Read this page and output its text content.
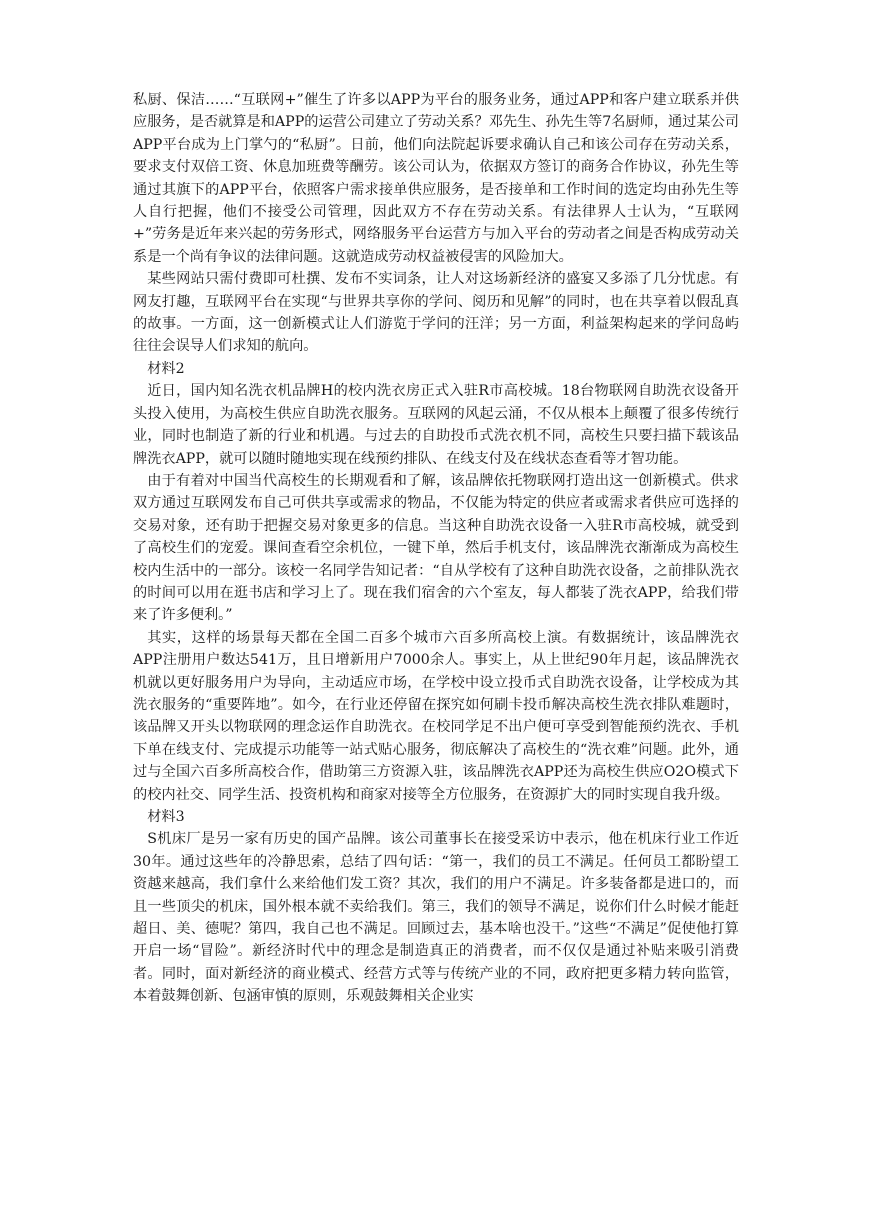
私厨、保洁……“互联网+”催生了许多以APP为平台的服务业务，通过APP和客户建立联系并供应服务，是否就算是和APP的运营公司建立了劳动关系？邓先生、孙先生等7名厨师，通过某公司APP平台成为上门掌勺的“私厨”。日前，他们向法院起诉要求确认自己和该公司存在劳动关系，要求支付双倍工资、休息加班费等酬劳。该公司认为，依据双方签订的商务合作协议，孙先生等通过其旗下的APP平台，依照客户需求接单供应服务，是否接单和工作时间的选定均由孙先生等人自行把握，他们不接受公司管理，因此双方不存在劳动关系。有法律界人士认为，“互联网+”劳务是近年来兴起的劳务形式，网络服务平台运营方与加入平台的劳动者之间是否构成劳动关系是一个尚有争议的法律问题。这就造成劳动权益被侵害的风险加大。

某些网站只需付费即可杜撰、发布不实词条，让人对这场新经济的盛宴又多添了几分忧虑。有网友打趣，互联网平台在实现“与世界共享你的学问、阅历和见解”的同时，也在共享着以假乱真的故事。一方面，这一创新模式让人们游览于学问的汪洋；另一方面，利益架构起来的学问岛屿往往会误导人们求知的航向。

材料2

近日，国内知名洗衣机品牌H的校内洗衣房正式入驻R市高校城。18台物联网自助洗衣设备开头投入使用，为高校生供应自助洗衣服务。互联网的风起云涌，不仅从根本上颠覆了很多传统行业，同时也制造了新的行业和机遇。与过去的自助投币式洗衣机不同，高校生只要扫描下载该品牌洗衣APP，就可以随时随地实现在线预约排队、在线支付及在线状态查看等才智功能。

由于有着对中国当代高校生的长期观看和了解，该品牌依托物联网打造出这一创新模式。供求双方通过互联网发布自己可供共享或需求的物品，不仅能为特定的供应者或需求者供应可选择的交易对象，还有助于把握交易对象更多的信息。当这种自助洗衣设备一入驻R市高校城，就受到了高校生们的宠爱。课间查看空余机位，一键下单，然后手机支付，该品牌洗衣渐渐成为高校生校内生活中的一部分。该校一名同学告知记者：“自从学校有了这种自助洗衣设备，之前排队洗衣的时间可以用在逛书店和学习上了。现在我们宿舍的六个室友，每人都装了洗衣APP，给我们带来了许多便利。”

其实，这样的场景每天都在全国二百多个城市六百多所高校上演。有数据统计，该品牌洗衣APP注册用户数达541万，且日增新用户7000余人。事实上，从上世纪90年月起，该品牌洗衣机就以更好服务用户为导向，主动适应市场，在学校中设立投币式自助洗衣设备，让学校成为其洗衣服务的“重要阵地”。如今，在行业还停留在探究如何刷卡投币解决高校生洗衣排队难题时，该品牌又开头以物联网的理念运作自助洗衣。在校同学足不出户便可享受到智能预约洗衣、手机下单在线支付、完成提示功能等一站式贴心服务，彻底解决了高校生的“洗衣难”问题。此外，通过与全国六百多所高校合作，借助第三方资源入驻，该品牌洗衣APP还为高校生供应O2O模式下的校内社交、同学生活、投资机构和商家对接等全方位服务，在资源扩大的同时实现自我升级。

材料3

S机床厂是另一家有历史的国产品牌。该公司董事长在接受采访中表示，他在机床行业工作近30年。通过这些年的冷静思索，总结了四句话：“第一，我们的员工不满足。任何员工都盼望工资越来越高，我们拿什么来给他们发工资？其次，我们的用户不满足。许多装备都是进口的，而且一些顶尖的机床，国外根本就不卖给我们。第三，我们的领导不满足，说你们什么时候才能赶超日、美、德呢？第四，我自己也不满足。回顾过去，基本啥也没干。”这些“不满足”促使他打算开启一场“冒险”。新经济时代中的理念是制造真正的消费者，而不仅仅是通过补贴来吸引消费者。同时，面对新经济的商业模式、经营方式等与传统产业的不同，政府把更多精力转向监管，本着鼓舞创新、包涵审慎的原则，乐观鼓舞相关企业实
